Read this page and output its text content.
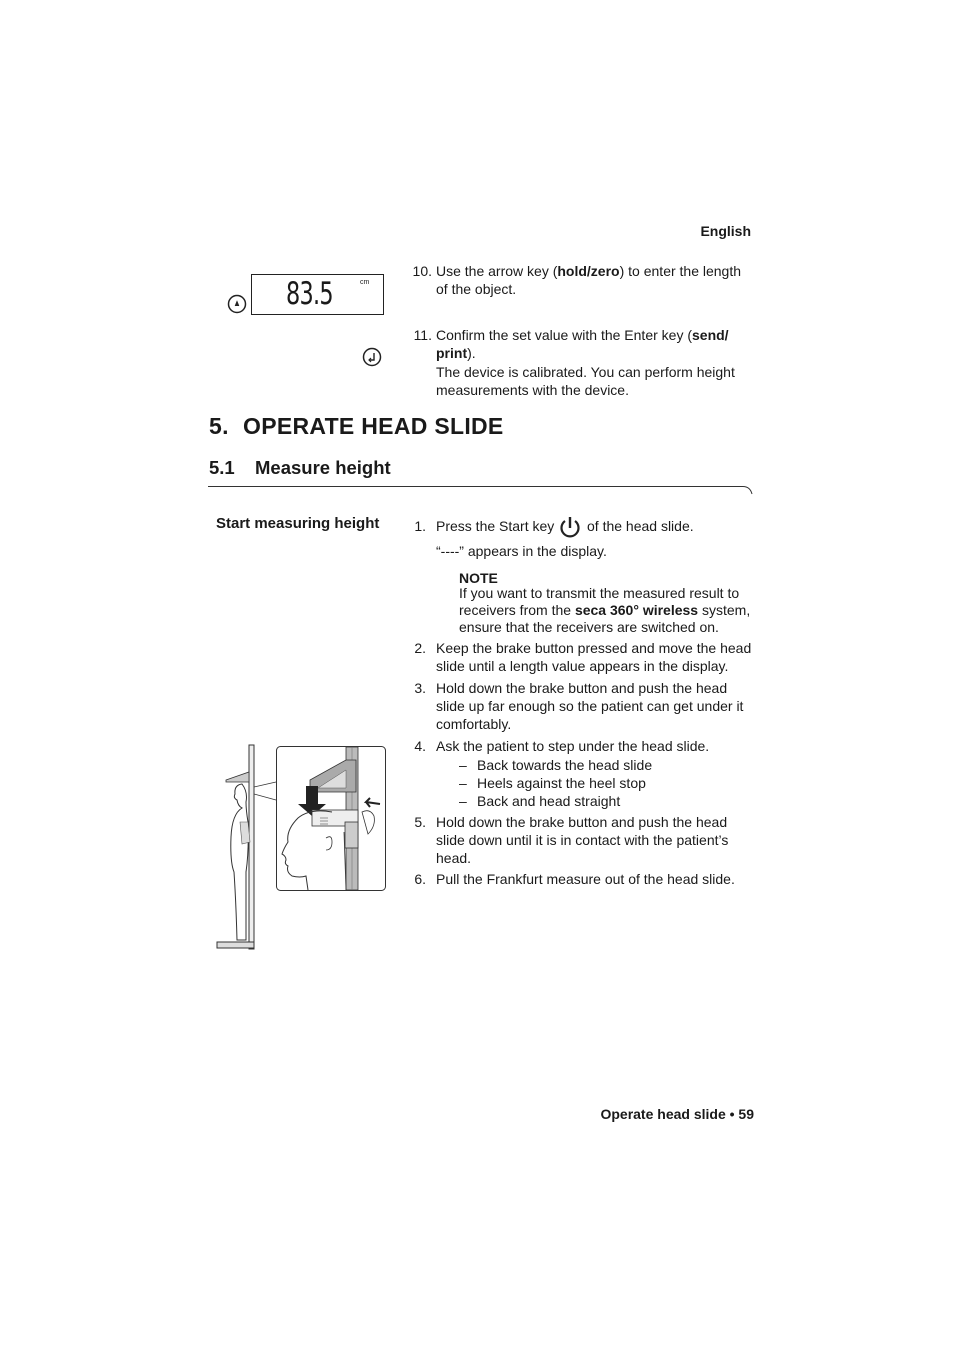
English
83.5	cm
10. Use the arrow key (hold/zero) to enter the length of the object.
11. Confirm the set value with the Enter key (send/ print).
The device is calibrated. You can perform height measurements with the device.
5. OPERATE HEAD SLIDE
5.1 Measure height
Start measuring height	1. Press the Start key of the head slide.
“----” appears in the display.
NOTE
If you want to transmit the measured result to receivers from the seca 360° wireless system, ensure that the receivers are switched on.
2. Keep the brake button pressed and move the head slide until a length value appears in the display.
3. Hold down the brake button and push the head slide up far enough so the patient can get under it comfortably.
4. Ask the patient to step under the head slide.
– Back towards the head slide
– Heels against the heel stop
– Back and head straight
5. Hold down the brake button and push the head slide down until it is in contact with the patient’s head.
6. Pull the Frankfurt measure out of the head slide.
Operate head slide • 59
